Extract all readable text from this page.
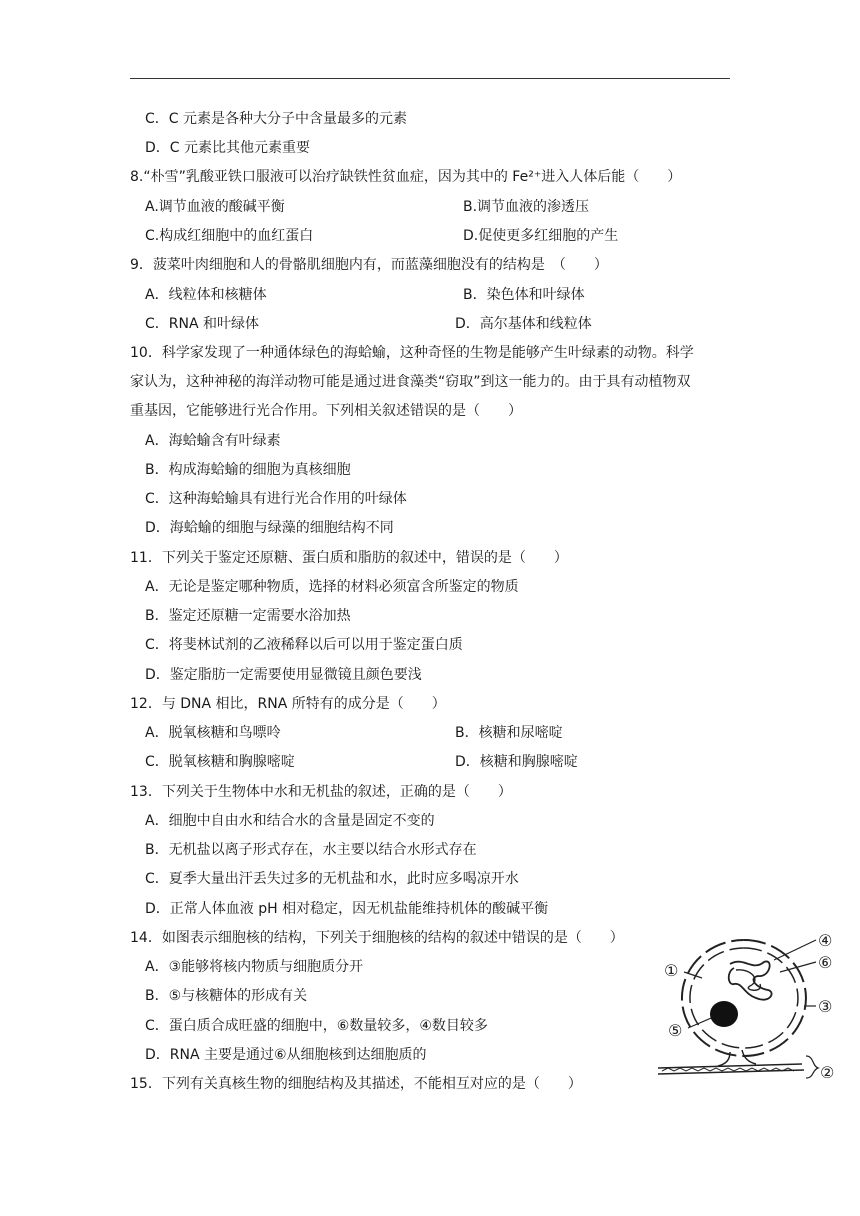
C．C 元素是各种大分子中含量最多的元素
D．C 元素比其他元素重要
8.“朴雪”乳酸亚铁口服液可以治疗缺铁性贫血症，因为其中的 Fe²⁺进入人体后能（　　）
A.调节血液的酸碱平衡	B.调节血液的渗透压
C.构成红细胞中的血红蛋白	D.促使更多红细胞的产生
9．菠菜叶肉细胞和人的骨骼肌细胞内有，而蓝藻细胞没有的结构是　（　　）
A．线粒体和核糖体	B．染色体和叶绿体
C．RNA 和叶绿体	D．高尔基体和线粒体
10．科学家发现了一种通体绿色的海蛤蝓，这种奇怪的生物是能够产生叶绿素的动物。科学
家认为，这种神秘的海洋动物可能是通过进食藻类“窃取”到这一能力的。由于具有动植物双
重基因，它能够进行光合作用。下列相关叙述错误的是（　　）
A．海蛤蝓含有叶绿素
B．构成海蛤蝓的细胞为真核细胞
C．这种海蛤蝓具有进行光合作用的叶绿体
D．海蛤蝓的细胞与绿藻的细胞结构不同
11．下列关于鉴定还原糖、蛋白质和脂肪的叙述中，错误的是（　　）
A．无论是鉴定哪种物质，选择的材料必须富含所鉴定的物质
B．鉴定还原糖一定需要水浴加热
C．将斐林试剂的乙液稀释以后可以用于鉴定蛋白质
D．鉴定脂肪一定需要使用显微镜且颜色要浅
12．与 DNA 相比，RNA 所特有的成分是（　　）
A．脱氧核糖和鸟嘌呤	B．核糖和尿嘧啶
C．脱氧核糖和胸腺嘧啶	D．核糖和胸腺嘧啶
13．下列关于生物体中水和无机盐的叙述，正确的是（　　）
A．细胞中自由水和结合水的含量是固定不变的
B．无机盐以离子形式存在，水主要以结合水形式存在
C．夏季大量出汗丢失过多的无机盐和水，此时应多喝凉开水
D．正常人体血液 pH 相对稳定，因无机盐能维持机体的酸碱平衡
14．如图表示细胞核的结构，下列关于细胞核的结构的叙述中错误的是（　　）
A．③能够将核内物质与细胞质分开
B．⑤与核糖体的形成有关
C．蛋白质合成旺盛的细胞中，⑥数量较多，④数目较多
D．RNA 主要是通过⑥从细胞核到达细胞质的
15．下列有关真核生物的细胞结构及其描述，不能相互对应的是（　　）
④
⑥
③
①
⑤
②
